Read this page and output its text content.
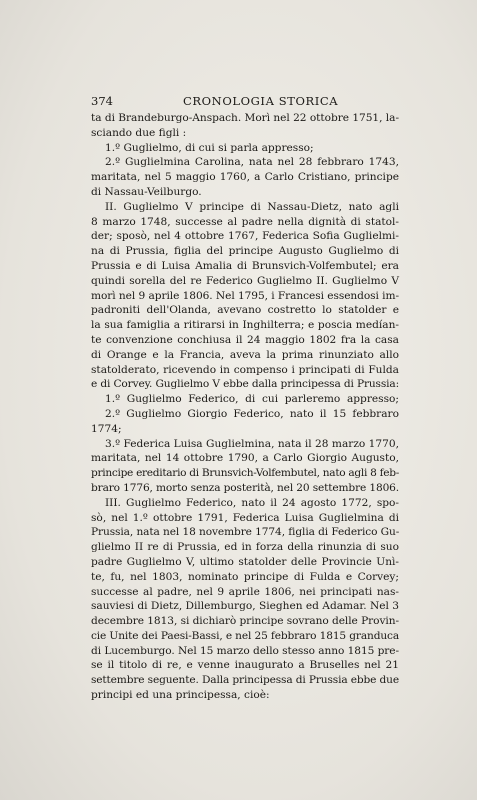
374	CRONOLOGIA STORICA
ta di Brandeburgo-Anspach. Morì nel 22 ottobre 1751, la-
sciando due figli :
1.º Guglielmo, di cui si parla appresso;
2.º Guglielmina Carolina, nata nel 28 febbraro 1743,
maritata, nel 5 maggio 1760, a Carlo Cristiano, principe
di Nassau-Veilburgo.
II. Guglielmo V principe di Nassau-Dietz, nato agli
8 marzo 1748, successe al padre nella dignità di statol-
der; sposò, nel 4 ottobre 1767, Federica Sofia Guglielmi-
na di Prussia, figlia del principe Augusto Guglielmo di
Prussia e di Luisa Amalia di Brunsvich-Volfembutel; era
quindi sorella del re Federico Guglielmo II. Guglielmo V
morì nel 9 aprile 1806. Nel 1795, i Francesi essendosi im-
padroniti dell'Olanda, avevano costretto lo statolder e
la sua famiglia a ritirarsi in Inghilterra; e poscia medían-
te convenzione conchiusa il 24 maggio 1802 fra la casa
di Orange e la Francia, aveva la prima rinunziato allo
statolderato, ricevendo in compenso i principati di Fulda
e di Corvey. Guglielmo V ebbe dalla principessa di Prussia:
1.º Guglielmo Federico, di cui parleremo appresso;
2.º Guglielmo Giorgio Federico, nato il 15 febbraro
1774;
3.º Federica Luisa Guglielmina, nata il 28 marzo 1770,
maritata, nel 14 ottobre 1790, a Carlo Giorgio Augusto,
principe ereditario di Brunsvich-Volfembutel, nato agli 8 feb-
braro 1776, morto senza posterità, nel 20 settembre 1806.
III. Guglielmo Federico, nato il 24 agosto 1772, spo-
sò, nel 1.º ottobre 1791, Federica Luisa Guglielmina di
Prussia, nata nel 18 novembre 1774, figlia di Federico Gu-
glielmo II re di Prussia, ed in forza della rinunzia di suo
padre Guglielmo V, ultimo statolder delle Provincie Unì-
te, fu, nel 1803, nominato principe di Fulda e Corvey;
successe al padre, nel 9 aprile 1806, nei principati nas-
sauviesi di Dietz, Dillemburgo, Sieghen ed Adamar. Nel 3
decembre 1813, si dichiarò principe sovrano delle Provin-
cie Unite dei Paesi-Bassi, e nel 25 febbraro 1815 granduca
di Lucemburgo. Nel 15 marzo dello stesso anno 1815 pre-
se il titolo di re, e venne inaugurato a Bruselles nel 21
settembre seguente. Dalla principessa di Prussia ebbe due
principi ed una principessa, cioè:
